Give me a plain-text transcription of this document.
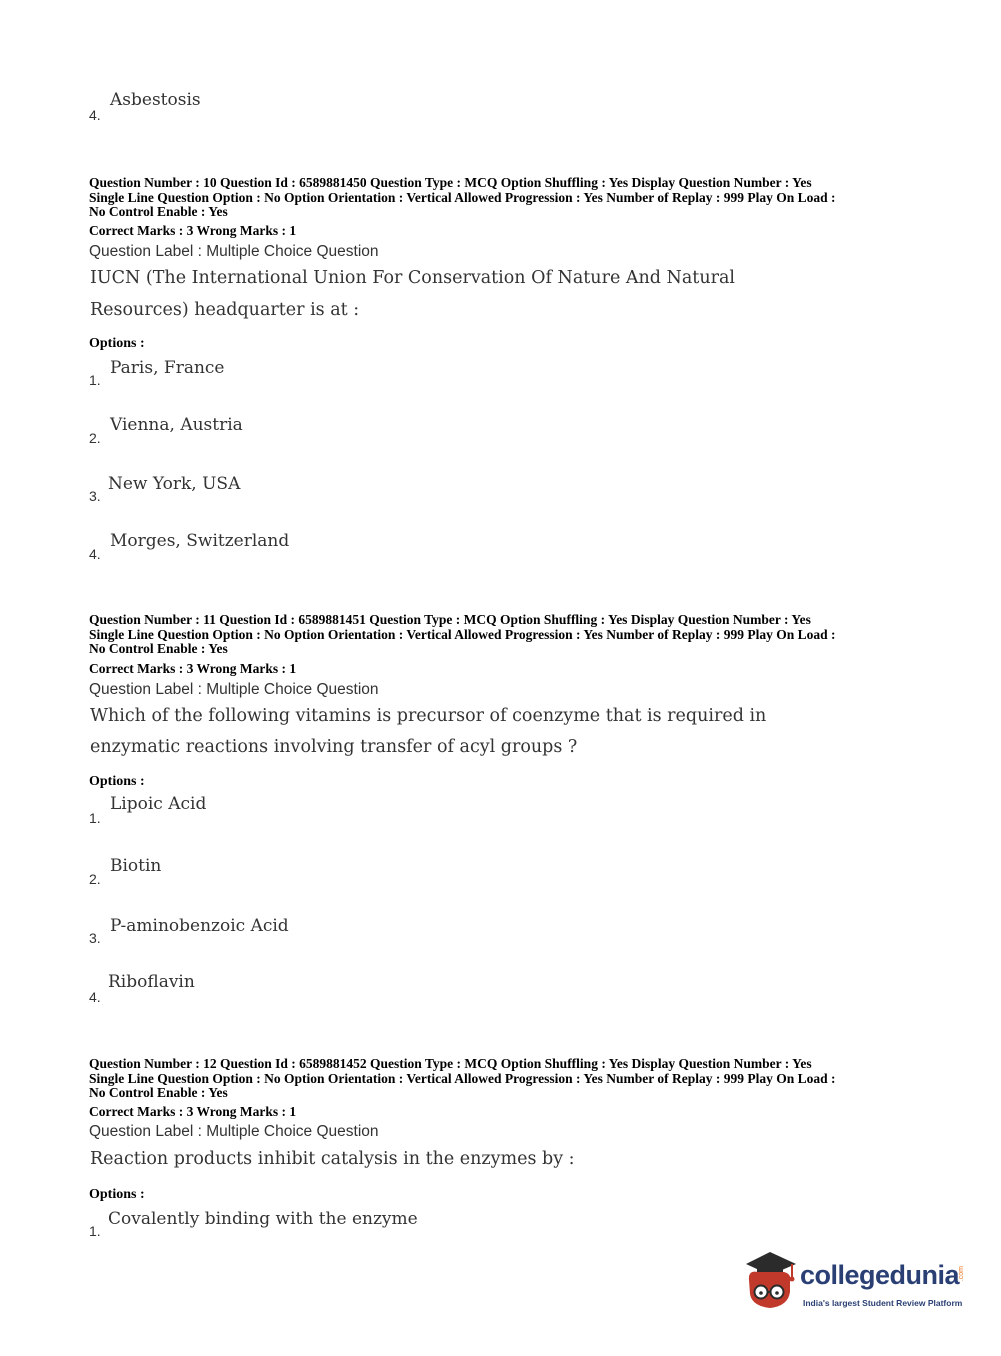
4.
Asbestosis
Question Number : 10 Question Id : 6589881450 Question Type : MCQ Option Shuffling : Yes Display Question Number : Yes
Single Line Question Option : No Option Orientation : Vertical Allowed Progression : Yes Number of Replay : 999 Play On Load :
No Control Enable : Yes
Correct Marks : 3 Wrong Marks : 1
Question Label : Multiple Choice Question
IUCN (The International Union For Conservation Of Nature And Natural
Resources) headquarter is at :
Options :
1.
Paris, France
2.
Vienna, Austria
3.
New York, USA
4.
Morges, Switzerland
Question Number : 11 Question Id : 6589881451 Question Type : MCQ Option Shuffling : Yes Display Question Number : Yes
Single Line Question Option : No Option Orientation : Vertical Allowed Progression : Yes Number of Replay : 999 Play On Load :
No Control Enable : Yes
Correct Marks : 3 Wrong Marks : 1
Question Label : Multiple Choice Question
Which of the following vitamins is precursor of coenzyme that is required in
enzymatic reactions involving transfer of acyl groups ?
Options :
1.
Lipoic Acid
2.
Biotin
3.
P-aminobenzoic Acid
4.
Riboflavin
Question Number : 12 Question Id : 6589881452 Question Type : MCQ Option Shuffling : Yes Display Question Number : Yes
Single Line Question Option : No Option Orientation : Vertical Allowed Progression : Yes Number of Replay : 999 Play On Load :
No Control Enable : Yes
Correct Marks : 3 Wrong Marks : 1
Question Label : Multiple Choice Question
Reaction products inhibit catalysis in the enzymes by :
Options :
1.
Covalently binding with the enzyme
collegedunia
.com
India's largest Student Review Platform
